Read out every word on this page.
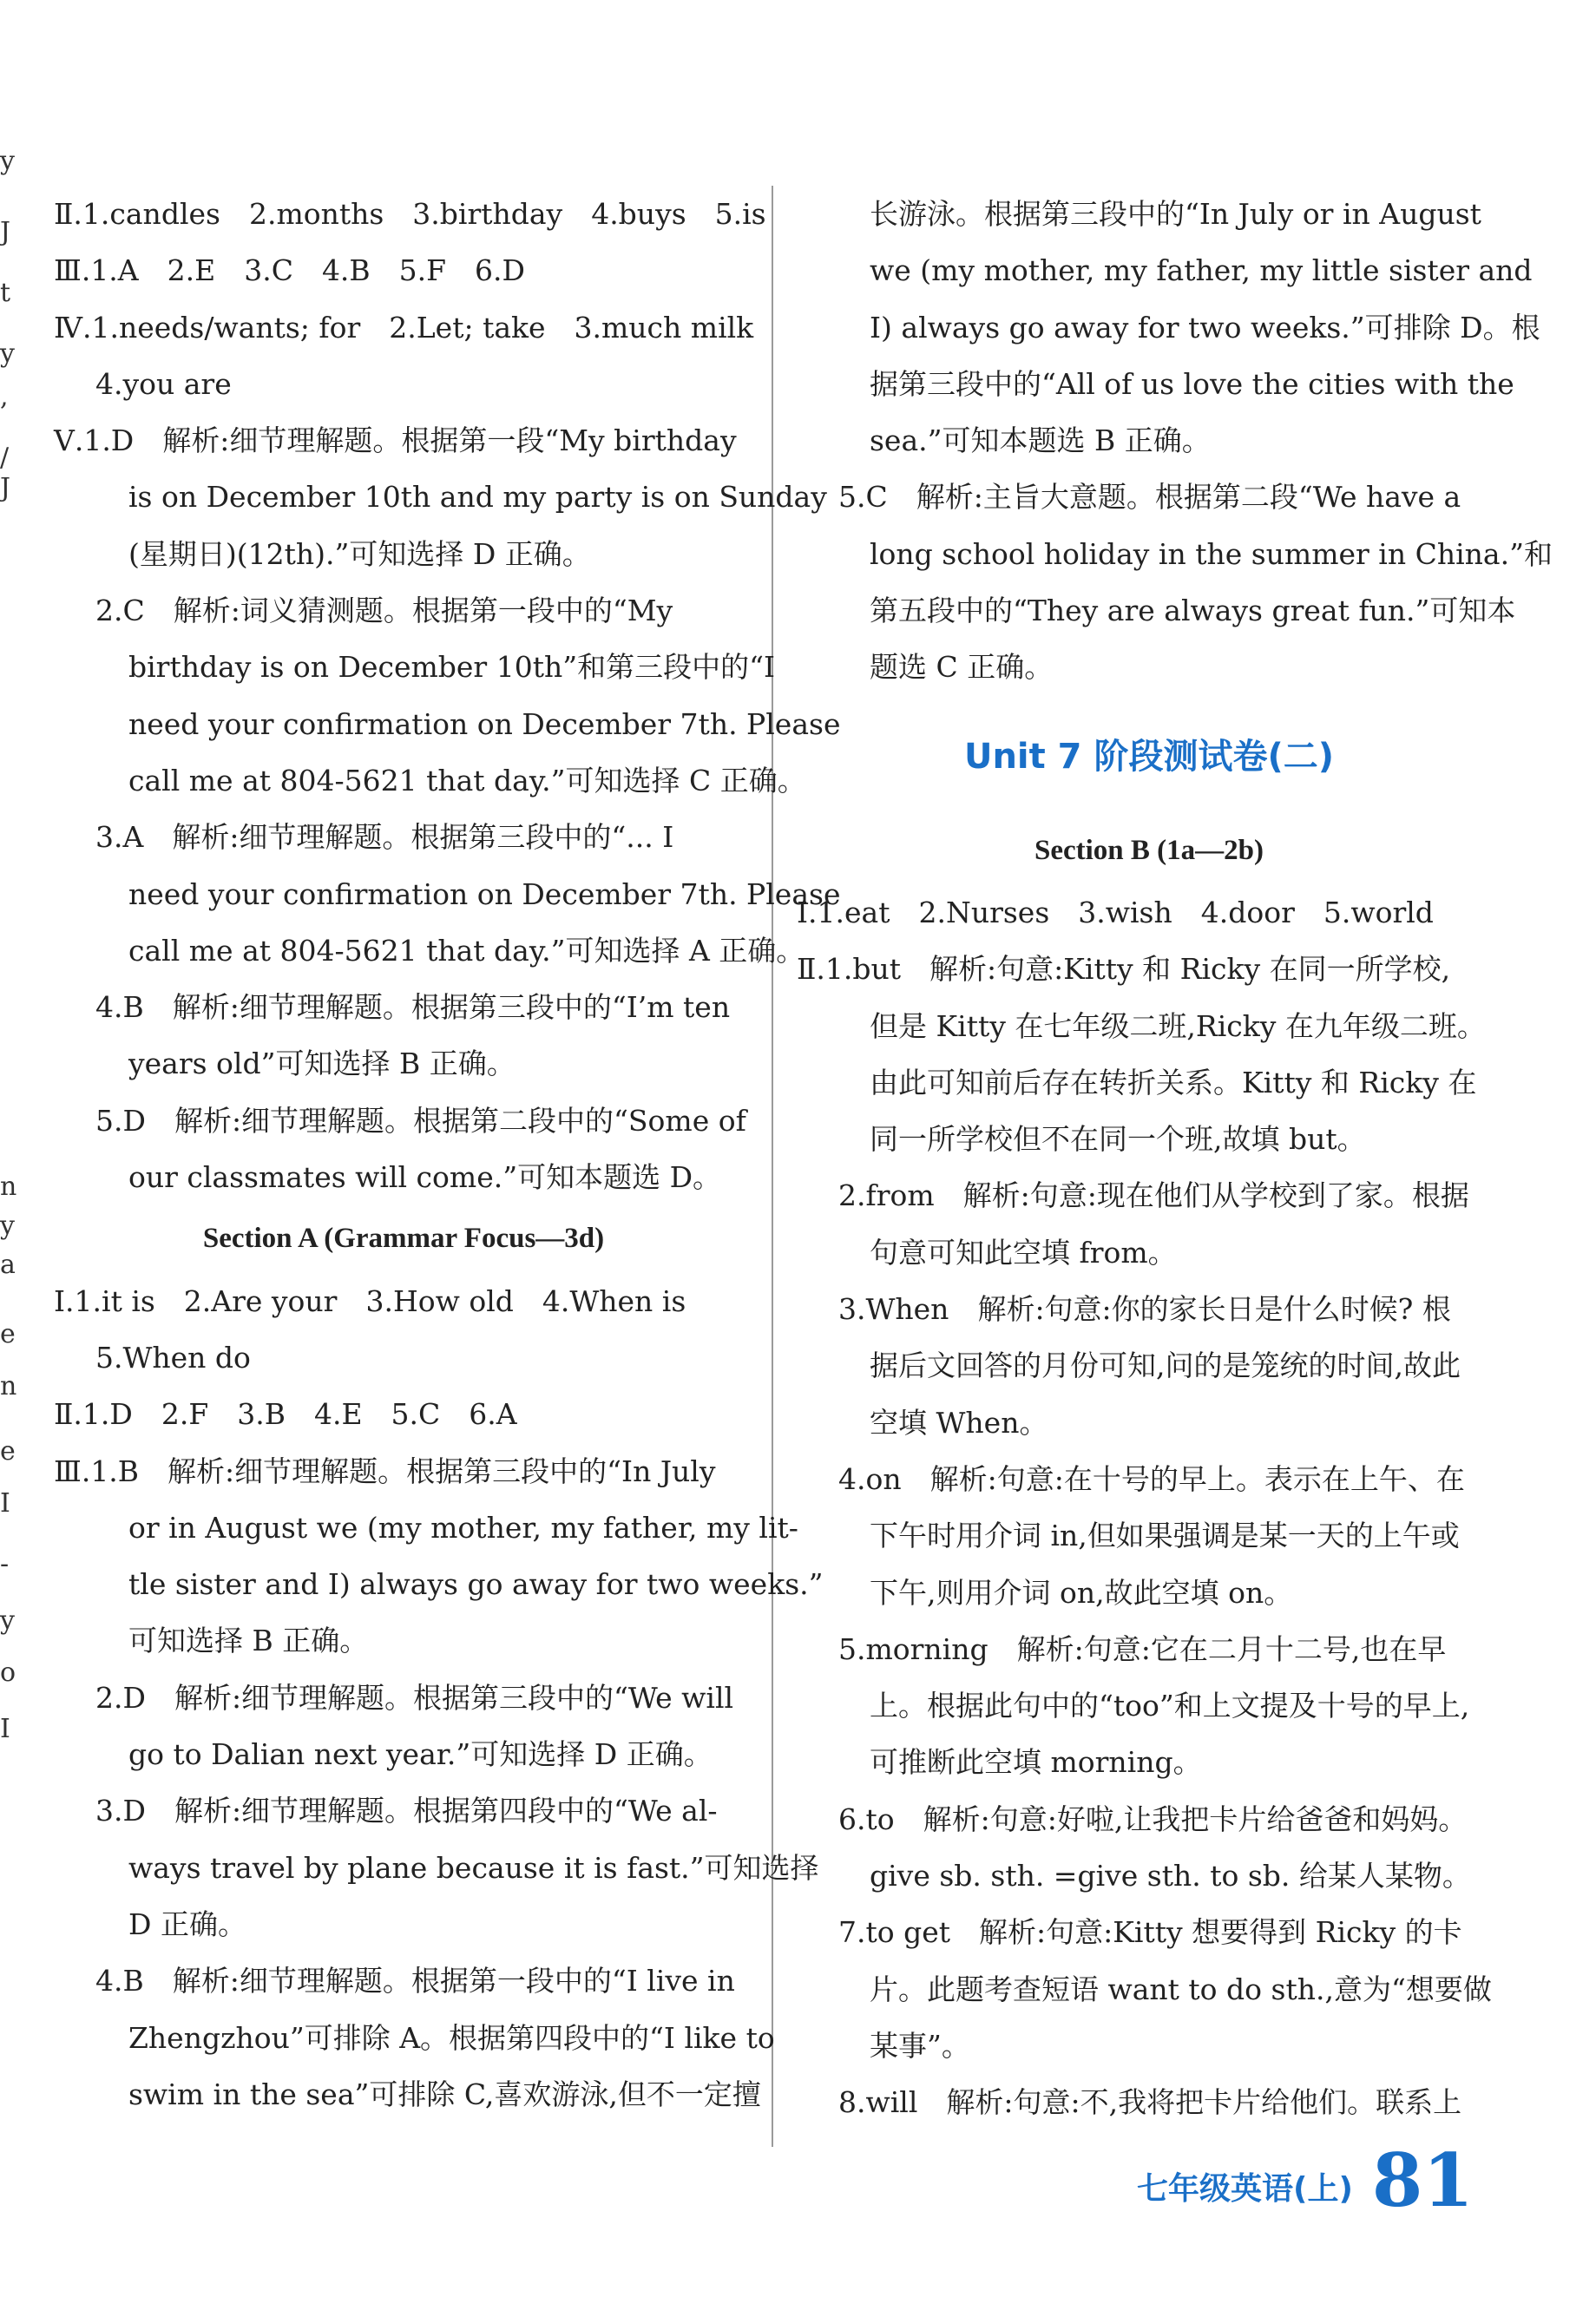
y
J
t
y
,
/
J
n
y
a
e
n
e
I
-
y
o
I
Ⅱ.1.candles　2.months　3.birthday　4.buys　5.is
Ⅲ.1.A　2.E　3.C　4.B　5.F　6.D
Ⅳ.1.needs/wants; for　2.Let; take　3.much milk
4.you are
Ⅴ.1.D　解析:细节理解题。根据第一段“My birthday
is on December 10th and my party is on Sunday
(星期日)(12th).”可知选择 D 正确。
2.C　解析:词义猜测题。根据第一段中的“My
birthday is on December 10th”和第三段中的“I
need your confirmation on December 7th. Please
call me at 804-5621 that day.”可知选择 C 正确。
3.A　解析:细节理解题。根据第三段中的“... I
need your confirmation on December 7th. Please
call me at 804-5621 that day.”可知选择 A 正确。
4.B　解析:细节理解题。根据第三段中的“I’m ten
years old”可知选择 B 正确。
5.D　解析:细节理解题。根据第二段中的“Some of
our classmates will come.”可知本题选 D。
Section A (Grammar Focus—3d)
Ⅰ.1.it is　2.Are your　3.How old　4.When is
5.When do
Ⅱ.1.D　2.F　3.B　4.E　5.C　6.A
Ⅲ.1.B　解析:细节理解题。根据第三段中的“In July
or in August we (my mother, my father, my lit-
tle sister and I) always go away for two weeks.”
可知选择 B 正确。
2.D　解析:细节理解题。根据第三段中的“We will
go to Dalian next year.”可知选择 D 正确。
3.D　解析:细节理解题。根据第四段中的“We al-
ways travel by plane because it is fast.”可知选择
D 正确。
4.B　解析:细节理解题。根据第一段中的“I live in
Zhengzhou”可排除 A。根据第四段中的“I like to
swim in the sea”可排除 C,喜欢游泳,但不一定擅
长游泳。根据第三段中的“In July or in August
we (my mother, my father, my little sister and
I) always go away for two weeks.”可排除 D。根
据第三段中的“All of us love the cities with the
sea.”可知本题选 B 正确。
5.C　解析:主旨大意题。根据第二段“We have a
long school holiday in the summer in China.”和
第五段中的“They are always great fun.”可知本
题选 C 正确。
Unit 7 阶段测试卷(二)
Section B (1a—2b)
Ⅰ.1.eat　2.Nurses　3.wish　4.door　5.world
Ⅱ.1.but　解析:句意:Kitty 和 Ricky 在同一所学校,
但是 Kitty 在七年级二班,Ricky 在九年级二班。
由此可知前后存在转折关系。Kitty 和 Ricky 在
同一所学校但不在同一个班,故填 but。
2.from　解析:句意:现在他们从学校到了家。根据
句意可知此空填 from。
3.When　解析:句意:你的家长日是什么时候? 根
据后文回答的月份可知,问的是笼统的时间,故此
空填 When。
4.on　解析:句意:在十号的早上。表示在上午、在
下午时用介词 in,但如果强调是某一天的上午或
下午,则用介词 on,故此空填 on。
5.morning　解析:句意:它在二月十二号,也在早
上。根据此句中的“too”和上文提及十号的早上,
可推断此空填 morning。
6.to　解析:句意:好啦,让我把卡片给爸爸和妈妈。
give sb. sth. =give sth. to sb. 给某人某物。
7.to get　解析:句意:Kitty 想要得到 Ricky 的卡
片。此题考查短语 want to do sth.,意为“想要做
某事”。
8.will　解析:句意:不,我将把卡片给他们。联系上
七年级英语(上) 81
